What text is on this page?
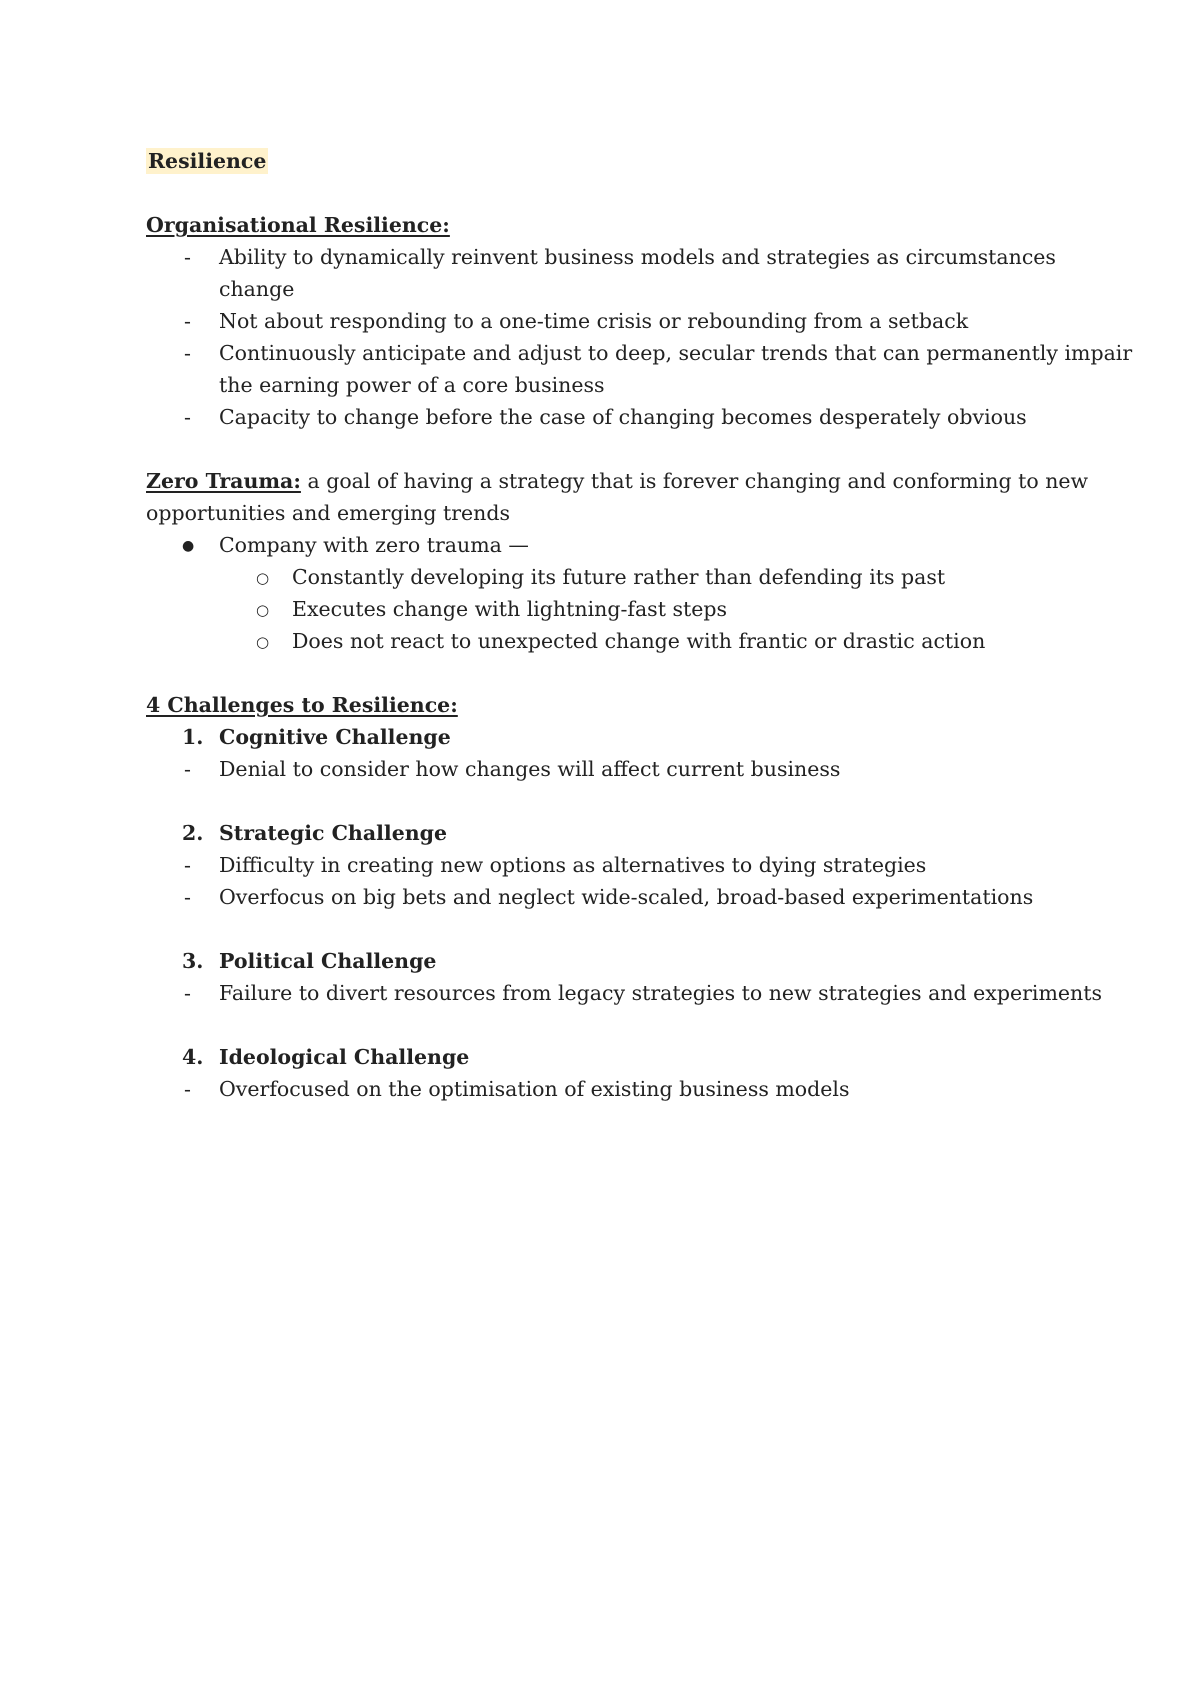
Resilience
Organisational Resilience:
- Ability to dynamically reinvent business models and strategies as circumstances
change
- Not about responding to a one-time crisis or rebounding from a setback
- Continuously anticipate and adjust to deep, secular trends that can permanently impair
the earning power of a core business
- Capacity to change before the case of changing becomes desperately obvious
Zero Trauma: a goal of having a strategy that is forever changing and conforming to new
opportunities and emerging trends
● Company with zero trauma —
○ Constantly developing its future rather than defending its past
○ Executes change with lightning-fast steps
○ Does not react to unexpected change with frantic or drastic action
4 Challenges to Resilience:
1. Cognitive Challenge
- Denial to consider how changes will affect current business
2. Strategic Challenge
- Difficulty in creating new options as alternatives to dying strategies
- Overfocus on big bets and neglect wide-scaled, broad-based experimentations
3. Political Challenge
- Failure to divert resources from legacy strategies to new strategies and experiments
4. Ideological Challenge
- Overfocused on the optimisation of existing business models
